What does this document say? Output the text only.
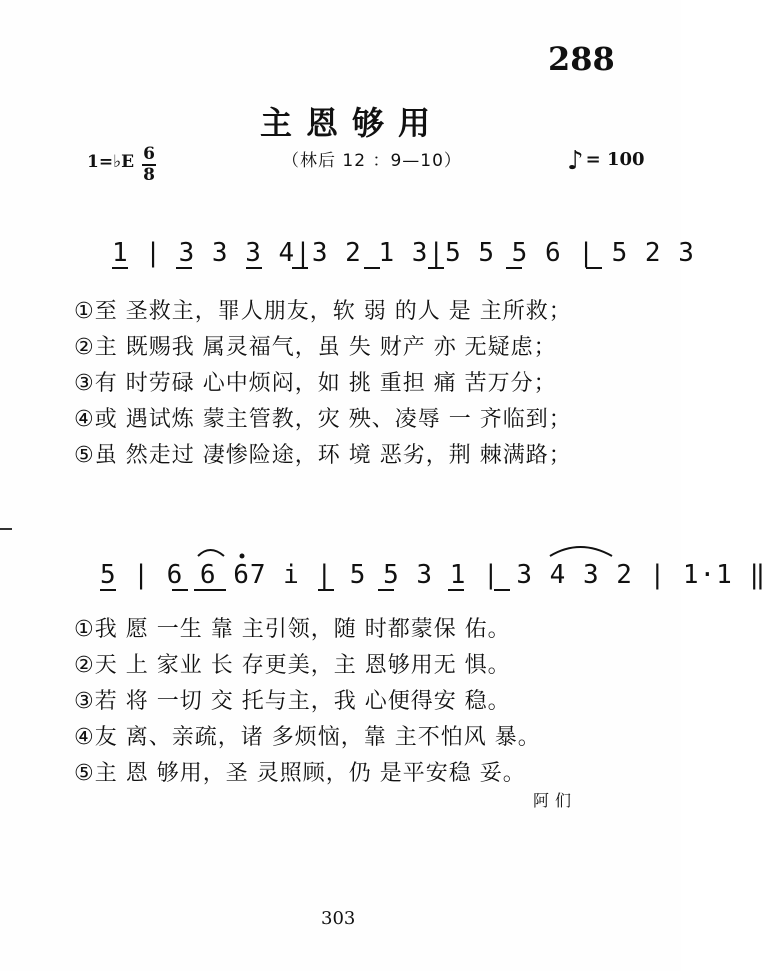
288
主恩够用
（林后 12 ：9—10）
1=♭E 6
8	♪ = 100
1 | 3 3 3 4|3 2 1 3|5 5 5 6 | 5 2 3
①至 圣救主，罪人朋友，软 弱 的人 是 主所救；
②主 既赐我 属灵福气，虽 失 财产 亦 无疑虑；
③有 时劳碌 心中烦闷，如 挑 重担 痛 苦万分；
④或 遇试炼 蒙主管教，灾 殃、凌辱 一 齐临到；
⑤虽 然走过 凄惨险途，环 境 恶劣，荆 棘满路；
5 | 6 6 67 i | 5 5 3 1 | 3 4 3 2 | 1·1 ‖
①我 愿 一生 靠 主引领，随 时都蒙保 佑。
②天 上 家业 长 存更美，主 恩够用无 惧。
③若 将 一切 交 托与主，我 心便得安 稳。
④友 离、亲疏，诸 多烦恼，靠 主不怕风 暴。
⑤主 恩 够用，圣 灵照顾，仍 是平安稳 妥。
阿们
303
